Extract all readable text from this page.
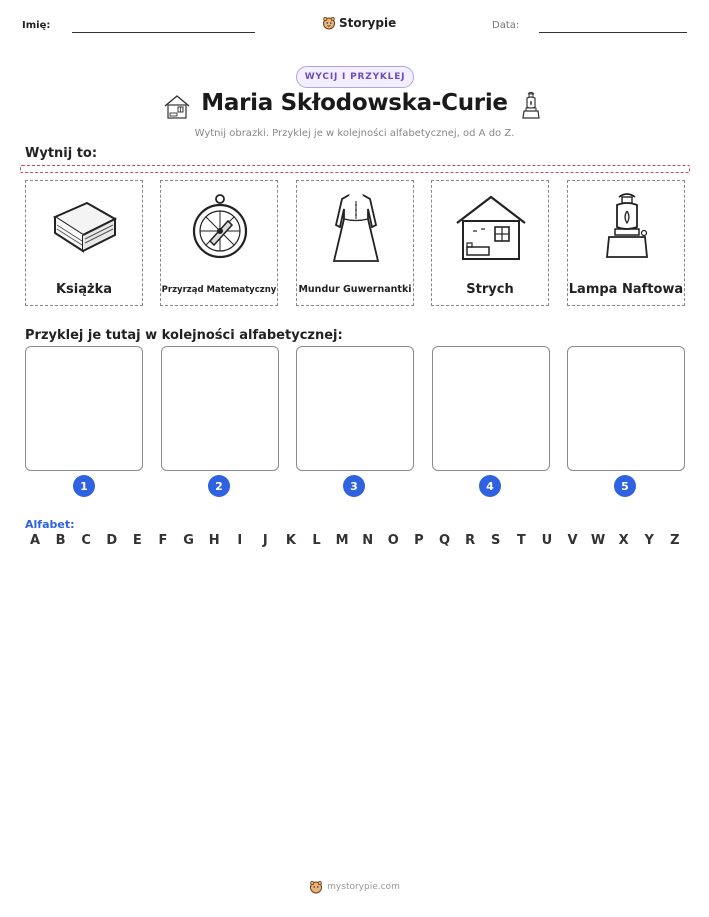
Imię:	Storypie	Data:
WYCIJ I PRZYKLEJ
Maria Skłodowska-Curie
Wytnij obrazki. Przyklej je w kolejności alfabetycznej, od A do Z.
Wytnij to:
Książka	Przyrząd Matematyczny Mundur Guwernantki	Strych	Lampa Naftowa
Przyklej je tutaj w kolejności alfabetycznej:
1	2	3	4	5
Alfabet:
A	B	C	D	E	F	G	H	I	J	K	L	M	N	O	P	Q	R	S	T	U	V	W	X	Y	Z
mystorypie.com
